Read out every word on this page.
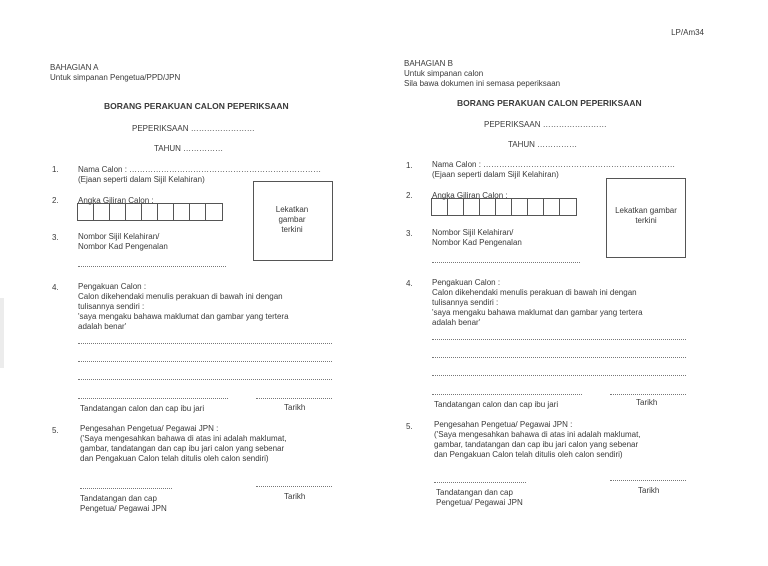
LP/Am34
BAHAGIAN A
Untuk simpanan Pengetua/PPD/JPN
BORANG PERAKUAN CALON PEPERIKSAAN
PEPERIKSAAN ……………………
TAHUN ……………
1. Nama Calon : ………………………………………………………………
(Ejaan seperti dalam Sijil Kelahiran)
2. Angka Giliran Calon :
Lekatkan gambar terkini
3. Nombor Sijil Kelahiran/
Nombor Kad Pengenalan
4. Pengakuan Calon :
Calon dikehendaki menulis perakuan di bawah ini dengan
tulisannya sendiri :
'saya mengaku bahawa maklumat dan gambar yang tertera
adalah benar'
Tandatangan calon dan cap ibu jari	Tarikh
5.	Pengesahan Pengetua/ Pegawai JPN :
('Saya mengesahkan bahawa di atas ini adalah maklumat,
gambar, tandatangan dan cap ibu jari calon yang sebenar
dan Pengakuan Calon telah ditulis oleh calon sendiri)
Tandatangan dan cap
Pengetua/ Pegawai JPN
Tarikh
BAHAGIAN B
Untuk simpanan calon
Sila bawa dokumen ini semasa peperiksaan
BORANG PERAKUAN CALON PEPERIKSAAN
PEPERIKSAAN ……………………
TAHUN ……………
1. Nama Calon : ………………………………………………………………
(Ejaan seperti dalam Sijil Kelahiran)
2. Angka Giliran Calon :
Lekatkan gambar terkini
3. Nombor Sijil Kelahiran/
Nombor Kad Pengenalan
4. Pengakuan Calon :
Calon dikehendaki menulis perakuan di bawah ini dengan
tulisannya sendiri :
'saya mengaku bahawa maklumat dan gambar yang tertera
adalah benar'
Tandatangan calon dan cap ibu jari	Tarikh
5.	Pengesahan Pengetua/ Pegawai JPN :
('Saya mengesahkan bahawa di atas ini adalah maklumat,
gambar, tandatangan dan cap ibu jari calon yang sebenar
dan Pengakuan Calon telah ditulis oleh calon sendiri)
Tandatangan dan cap
Pengetua/ Pegawai JPN
Tarikh
